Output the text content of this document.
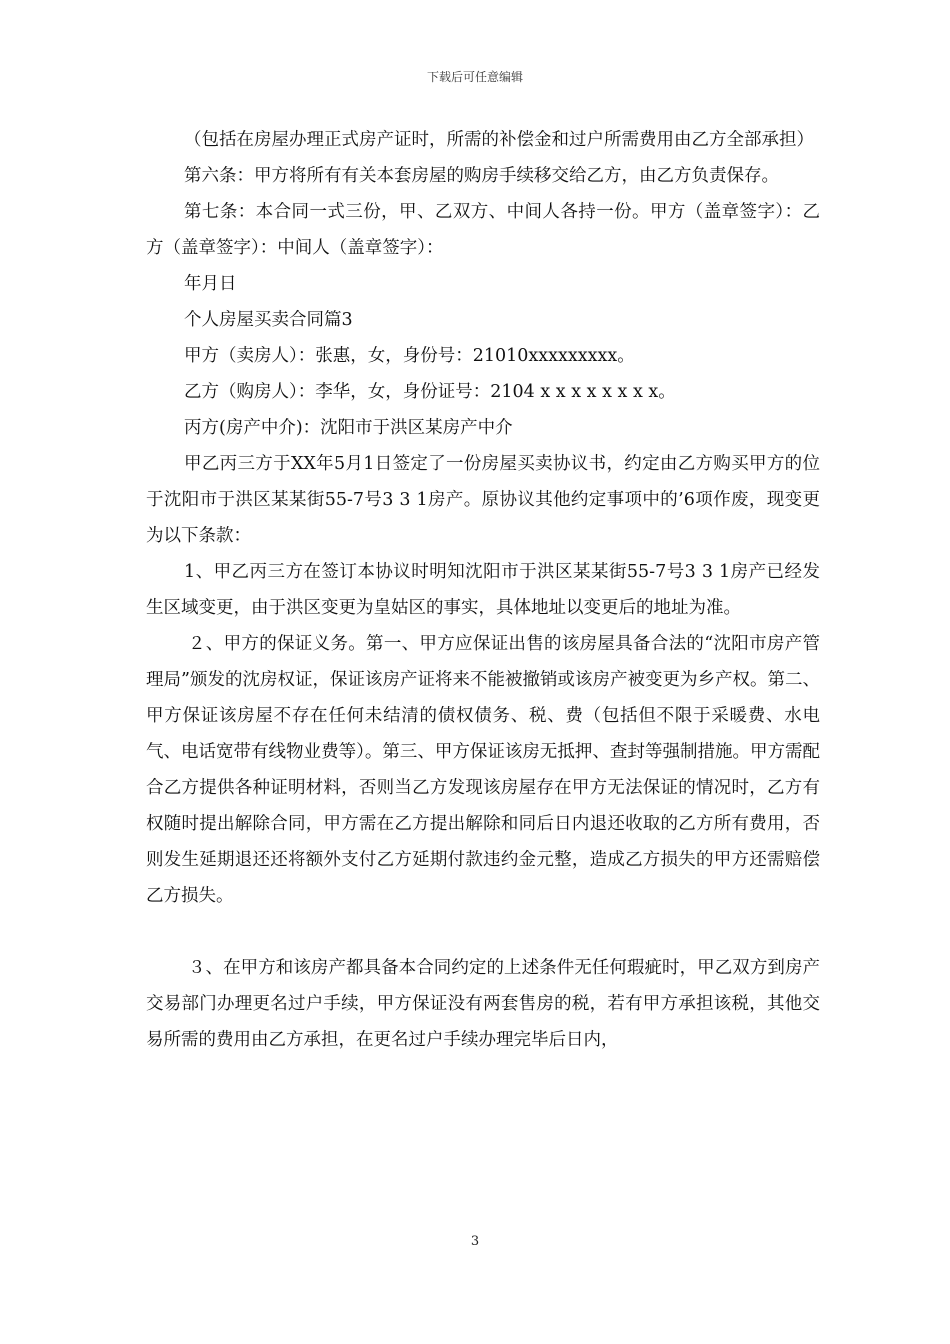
下载后可任意编辑

（包括在房屋办理正式房产证时，所需的补偿金和过户所需费用由乙方全部承担）

第六条：甲方将所有有关本套房屋的购房手续移交给乙方，由乙方负责保存。

第七条：本合同一式三份，甲、乙双方、中间人各持一份。甲方（盖章签字）：乙方（盖章签字）：中间人（盖章签字）：

年月日

个人房屋买卖合同篇3

甲方（卖房人）：张惠，女，身份号：21010xxxxxxxxx。

乙方（购房人）：李华，女，身份证号：2104 x x x x x x x x。

丙方(房产中介)：沈阳市于洪区某房产中介

甲乙丙三方于XX年5月1日签定了一份房屋买卖协议书，约定由乙方购买甲方的位于沈阳市于洪区某某街55-7号3 3 1房产。原协议其他约定事项中的’6项作废，现变更为以下条款：

1、甲乙丙三方在签订本协议时明知沈阳市于洪区某某街55-7号3 3 1房产已经发生区域变更，由于洪区变更为皇姑区的事实，具体地址以变更后的地址为准。

２、甲方的保证义务。第一、甲方应保证出售的该房屋具备合法的“沈阳市房产管理局”颁发的沈房权证，保证该房产证将来不能被撤销或该房产被变更为乡产权。第二、甲方保证该房屋不存在任何未结清的债权债务、税、费（包括但不限于采暖费、水电气、电话宽带有线物业费等）。第三、甲方保证该房无抵押、查封等强制措施。甲方需配合乙方提供各种证明材料，否则当乙方发现该房屋存在甲方无法保证的情况时，乙方有权随时提出解除合同，甲方需在乙方提出解除和同后日内退还收取的乙方所有费用，否则发生延期退还还将额外支付乙方延期付款违约金元整，造成乙方损失的甲方还需赔偿乙方损失。

３、在甲方和该房产都具备本合同约定的上述条件无任何瑕疵时，甲乙双方到房产交易部门办理更名过户手续，甲方保证没有两套售房的税，若有甲方承担该税，其他交易所需的费用由乙方承担，在更名过户手续办理完毕后日内，

3
